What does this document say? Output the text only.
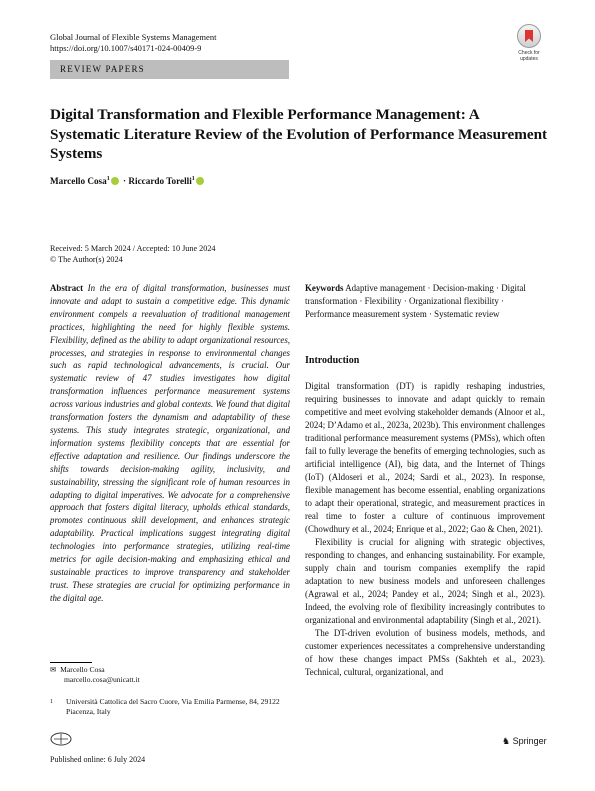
Global Journal of Flexible Systems Management
https://doi.org/10.1007/s40171-024-00409-9	Check for updates
REVIEW PAPERS
Digital Transformation and Flexible Performance Management: A Systematic Literature Review of the Evolution of Performance Measurement Systems
Marcello Cosa$^1$ · Riccardo Torelli$^1$
Received: 5 March 2024 / Accepted: 10 June 2024
© The Author(s) 2024
Abstract In the era of digital transformation, businesses must innovate and adapt to sustain a competitive edge. This dynamic environment compels a reevaluation of traditional management practices, highlighting the need for highly flexible systems. Flexibility, defined as the ability to adapt organizational resources, processes, and strategies in response to environmental changes such as rapid technological advancements, is crucial. Our systematic review of 47 studies investigates how digital transformation influences performance measurement systems across various industries and global contexts. We found that digital transformation fosters the dynamism and adaptability of these systems. This study integrates strategic, organizational, and information systems flexibility concepts that are essential for effective adaptation and resilience. Our findings underscore the shifts towards decision-making agility, inclusivity, and sustainability, stressing the significant role of human resources in adapting to digital imperatives. We advocate for a comprehensive approach that fosters digital literacy, upholds ethical standards, promotes continuous skill development, and enhances strategic adaptability. Practical implications suggest integrating digital technologies into performance strategies, utilizing real-time metrics for agile decision-making and emphasizing ethical and sustainable practices to improve transparency and stakeholder trust. These strategies are crucial for optimizing performance in the digital age.
✉ Marcello Cosa
marcello.cosa@unicatt.it
1 Università Cattolica del Sacro Cuore, Via Emilia Parmense, 84, 29122 Piacenza, Italy
Published online: 6 July 2024
♞ Springer
Keywords Adaptive management · Decision-making · Digital transformation · Flexibility · Organizational flexibility · Performance measurement system · Systematic review
Introduction

Digital transformation (DT) is rapidly reshaping industries, requiring businesses to innovate and adapt quickly to remain competitive and meet evolving stakeholder demands (Alnoor et al., 2024; D’Adamo et al., 2023a, 2023b). This environment challenges traditional performance measurement systems (PMSs), which often fail to fully leverage the benefits of emerging technologies, such as artificial intelligence (AI), big data, and the Internet of Things (IoT) (Aldoseri et al., 2024; Sardi et al., 2023). In response, flexible management has become essential, enabling organizations to adapt their operational, strategic, and measurement practices in real time to foster a culture of continuous improvement (Chowdhury et al., 2024; Enrique et al., 2022; Gao & Chen, 2021).

Flexibility is crucial for aligning with strategic objectives, responding to changes, and enhancing sustainability. For example, supply chain and tourism companies exemplify the rapid adaptation to new business models and unforeseen challenges (Agrawal et al., 2024; Pandey et al., 2024; Singh et al., 2023). Indeed, the evolving role of flexibility increasingly contributes to organizational and environmental adaptability (Singh et al., 2021).

The DT-driven evolution of business models, methods, and customer experiences necessitates a comprehensive understanding of how these changes impact PMSs (Sakhteh et al., 2023). Technical, cultural, organizational, and
